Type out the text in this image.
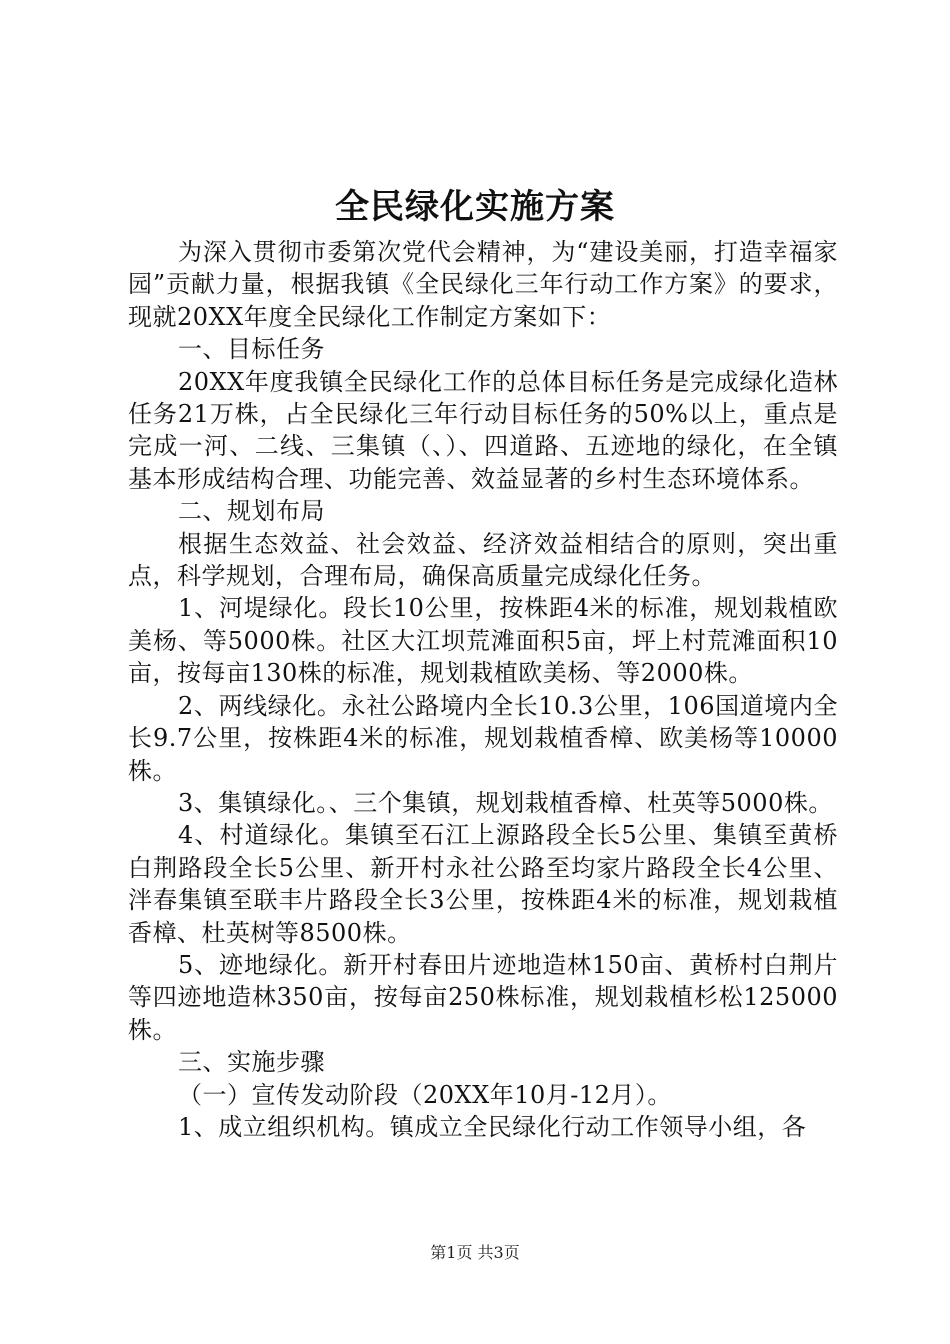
全民绿化实施方案

为深入贯彻市委第次党代会精神，为“建设美丽，打造幸福家园”贡献力量，根据我镇《全民绿化三年行动工作方案》的要求，现就20XX年度全民绿化工作制定方案如下：

一、目标任务

20XX年度我镇全民绿化工作的总体目标任务是完成绿化造林任务21万株，占全民绿化三年行动目标任务的50%以上，重点是完成一河、二线、三集镇（、）、四道路、五迹地的绿化，在全镇基本形成结构合理、功能完善、效益显著的乡村生态环境体系。

二、规划布局

根据生态效益、社会效益、经济效益相结合的原则，突出重点，科学规划，合理布局，确保高质量完成绿化任务。

1、河堤绿化。段长10公里，按株距4米的标准，规划栽植欧美杨、等5000株。社区大江坝荒滩面积5亩，坪上村荒滩面积10亩，按每亩130株的标准，规划栽植欧美杨、等2000株。

2、两线绿化。永社公路境内全长10.3公里，106国道境内全长9.7公里，按株距4米的标准，规划栽植香樟、欧美杨等10000株。

3、集镇绿化。、三个集镇，规划栽植香樟、杜英等5000株。

4、村道绿化。集镇至石江上源路段全长5公里、集镇至黄桥白荆路段全长5公里、新开村永社公路至均家片路段全长4公里、泮春集镇至联丰片路段全长3公里，按株距4米的标准，规划栽植香樟、杜英树等8500株。

5、迹地绿化。新开村春田片迹地造林150亩、黄桥村白荆片等四迹地造林350亩，按每亩250株标准，规划栽植杉松125000株。

三、实施步骤

（一）宣传发动阶段（20XX年10月-12月）。

1、成立组织机构。镇成立全民绿化行动工作领导小组，各

第1页 共3页
